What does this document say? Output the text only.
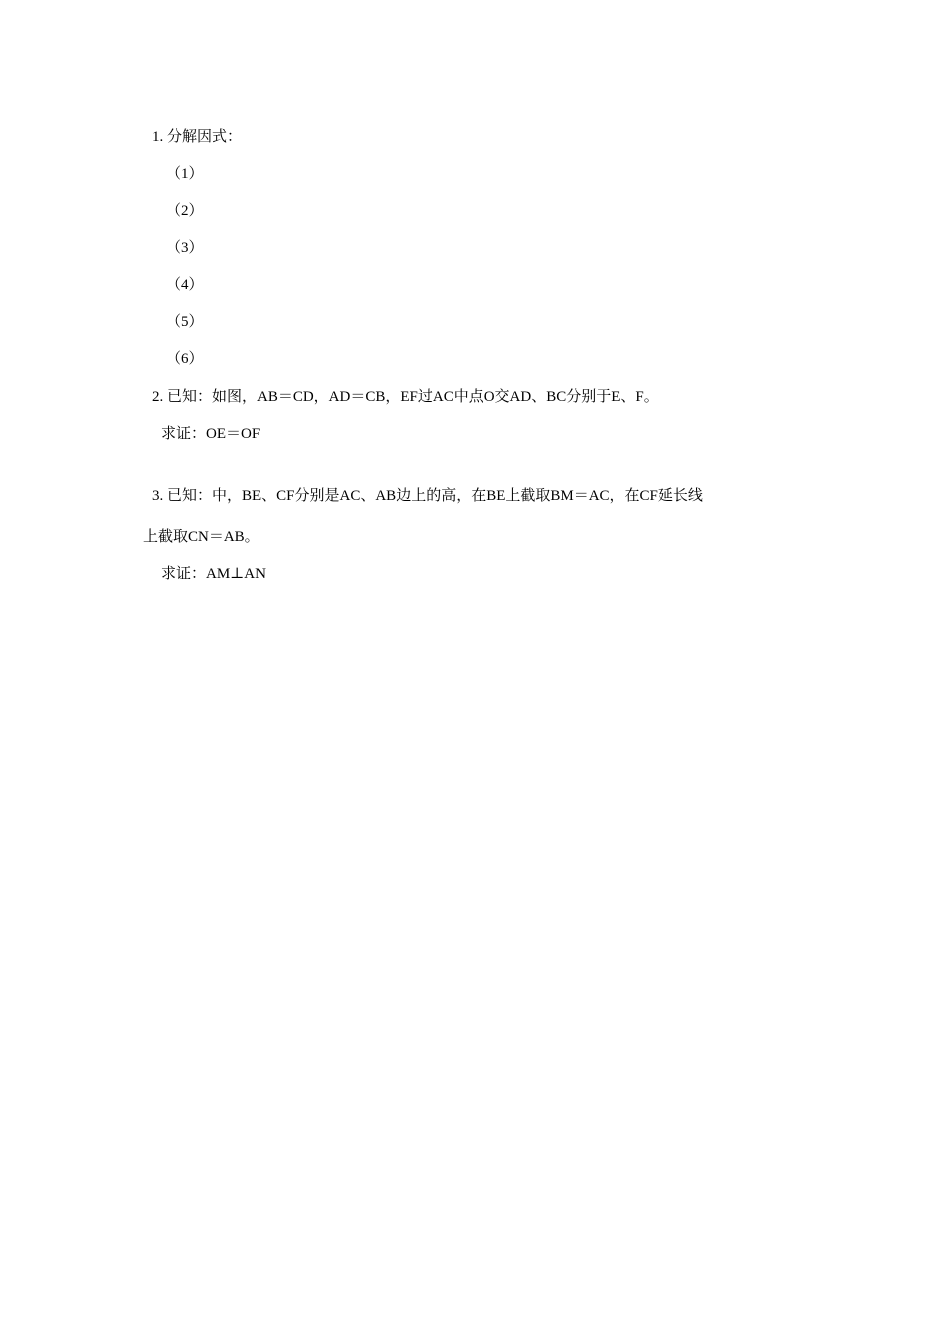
1. 分解因式：
（1）
（2）
（3）
（4）
（5）
（6）
2. 已知：如图，AB＝CD，AD＝CB，EF过AC中点O交AD、BC分别于E、F。
求证：OE＝OF
3. 已知：中，BE、CF分别是AC、AB边上的高，在BE上截取BM＝AC，在CF延长线
上截取CN＝AB。
求证：AM⊥AN
